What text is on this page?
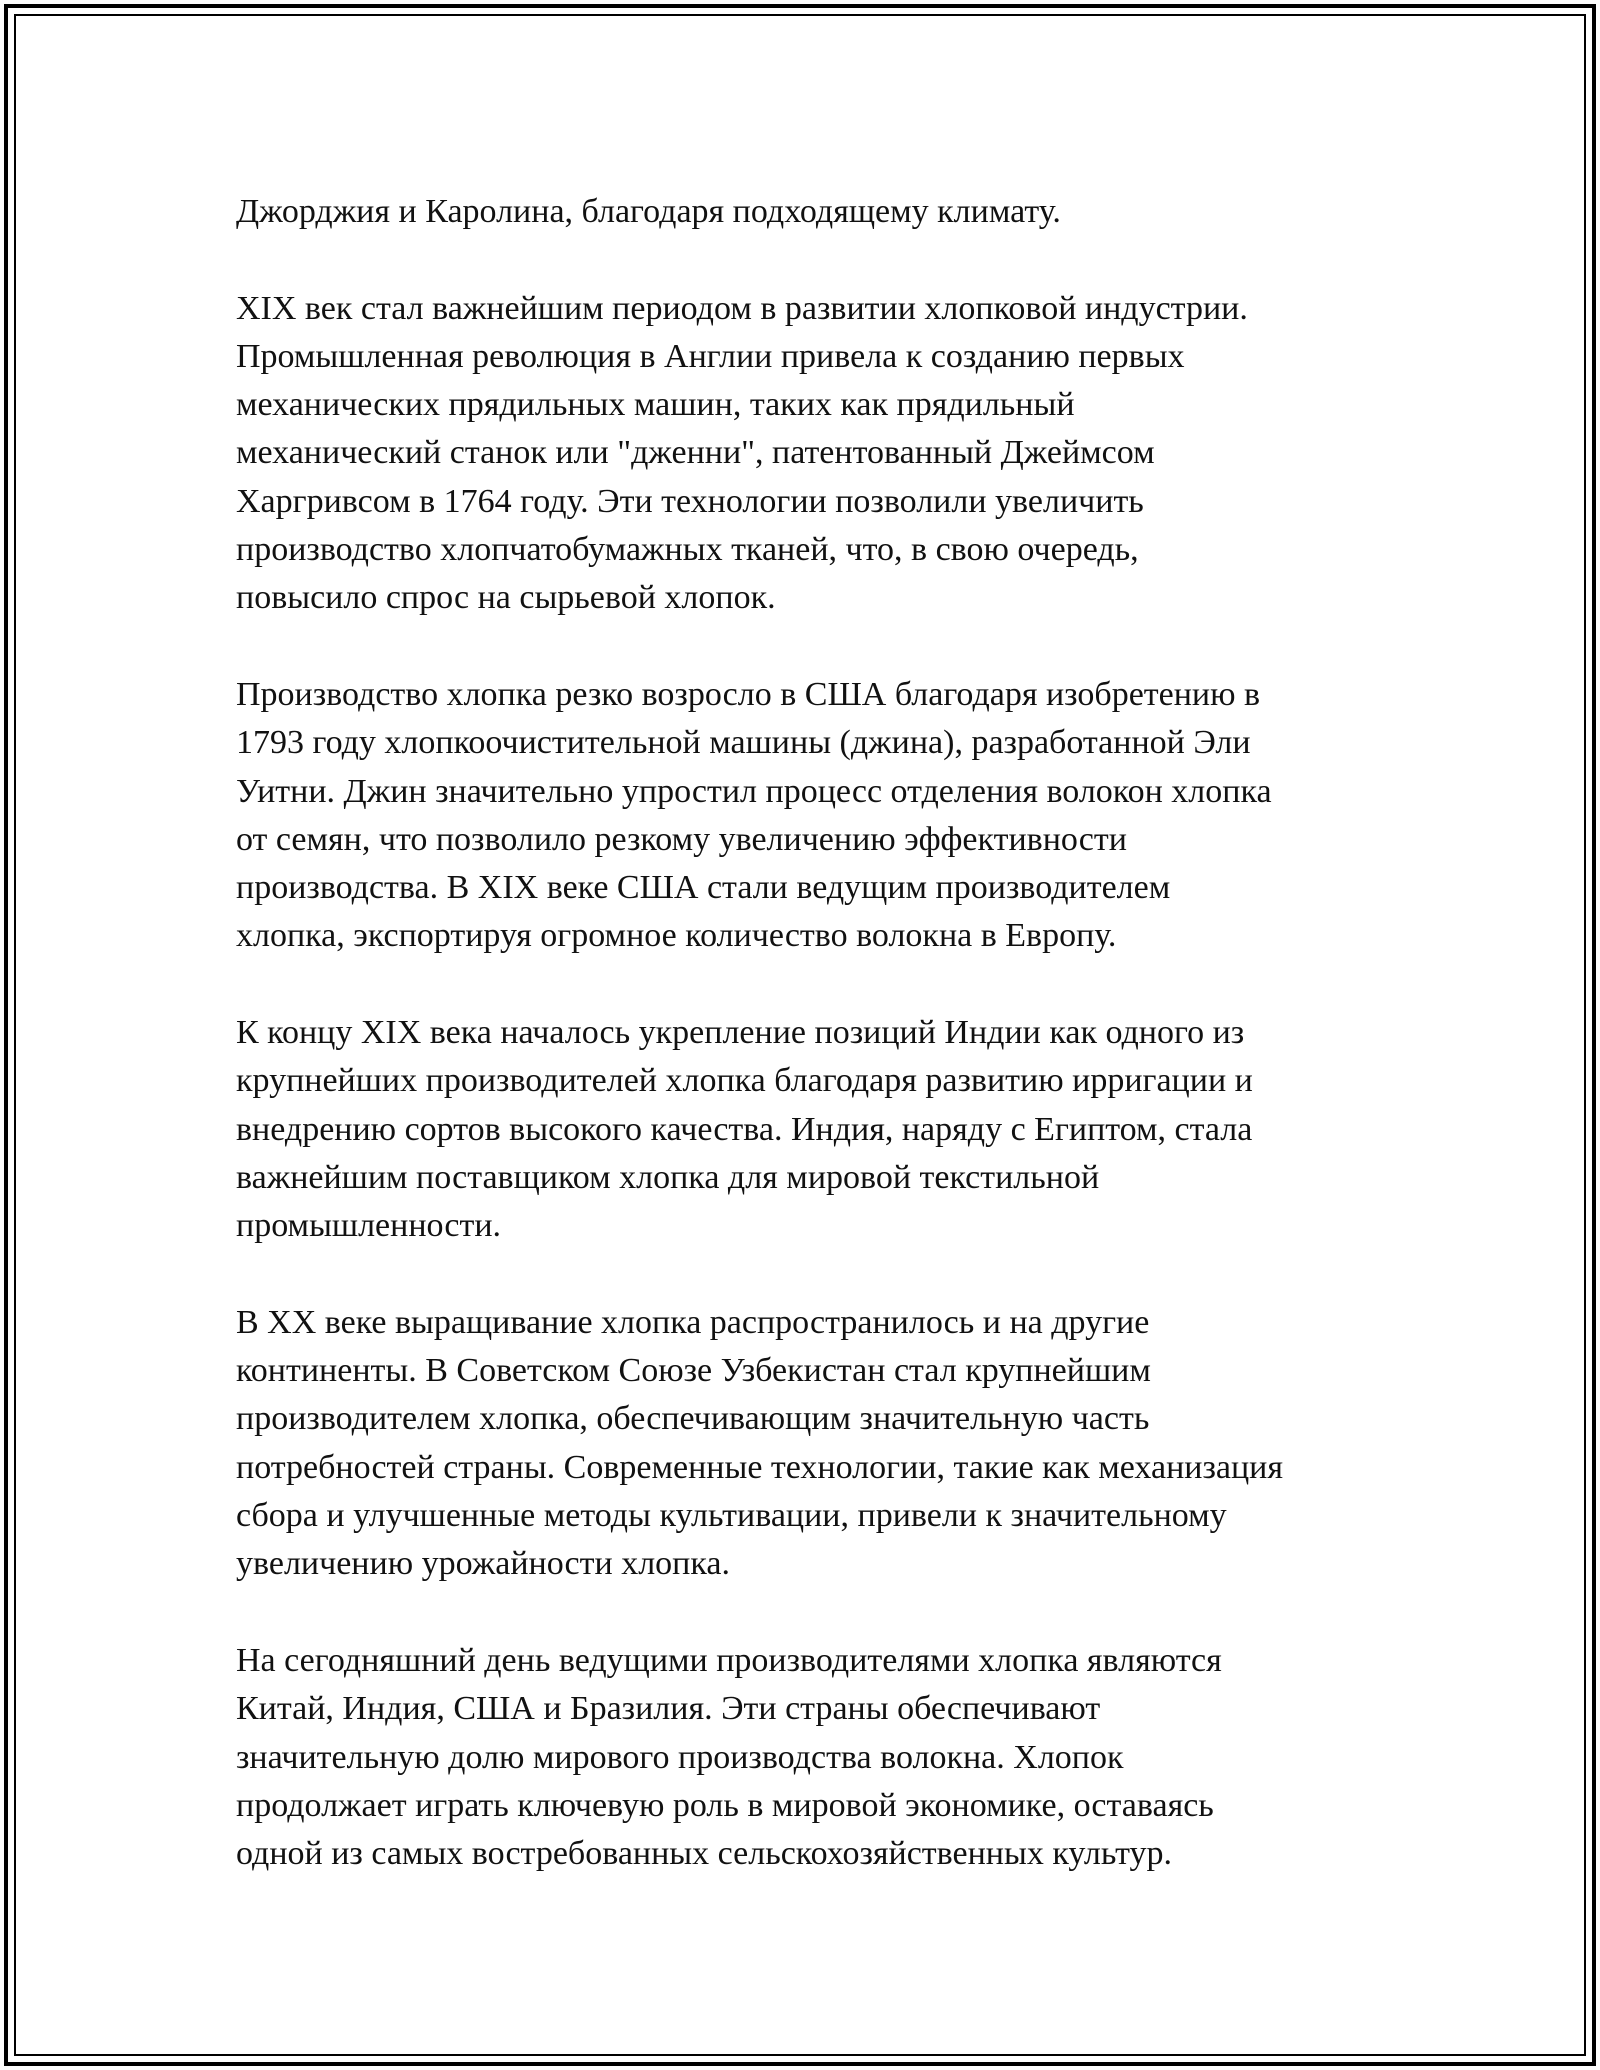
Джорджия и Каролина, благодаря подходящему климату.

XIX век стал важнейшим периодом в развитии хлопковой индустрии.
Промышленная революция в Англии привела к созданию первых
механических прядильных машин, таких как прядильный
механический станок или "дженни", патентованный Джеймсом
Харгривсом в 1764 году. Эти технологии позволили увеличить
производство хлопчатобумажных тканей, что, в свою очередь,
повысило спрос на сырьевой хлопок.

Производство хлопка резко возросло в США благодаря изобретению в
1793 году хлопкоочистительной машины (джина), разработанной Эли
Уитни. Джин значительно упростил процесс отделения волокон хлопка
от семян, что позволило резкому увеличению эффективности
производства. В XIX веке США стали ведущим производителем
хлопка, экспортируя огромное количество волокна в Европу.

К концу XIX века началось укрепление позиций Индии как одного из
крупнейших производителей хлопка благодаря развитию ирригации и
внедрению сортов высокого качества. Индия, наряду с Египтом, стала
важнейшим поставщиком хлопка для мировой текстильной
промышленности.

В XX веке выращивание хлопка распространилось и на другие
континенты. В Советском Союзе Узбекистан стал крупнейшим
производителем хлопка, обеспечивающим значительную часть
потребностей страны. Современные технологии, такие как механизация
сбора и улучшенные методы культивации, привели к значительному
увеличению урожайности хлопка.

На сегодняшний день ведущими производителями хлопка являются
Китай, Индия, США и Бразилия. Эти страны обеспечивают
значительную долю мирового производства волокна. Хлопок
продолжает играть ключевую роль в мировой экономике, оставаясь
одной из самых востребованных сельскохозяйственных культур.
